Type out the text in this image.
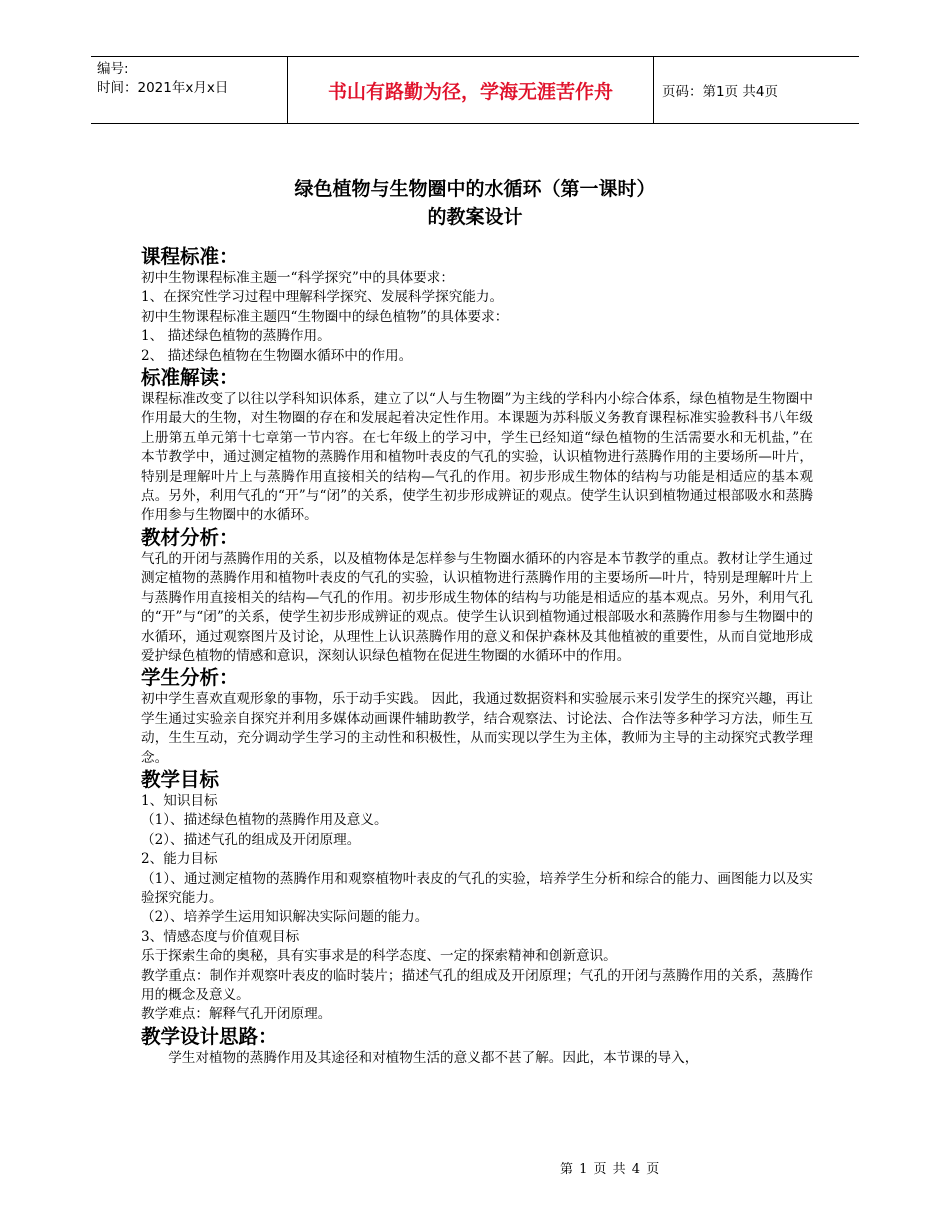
编号:
时间：2021年x月x日	书山有路勤为径，学海无涯苦作舟	页码：第1页 共4页
绿色植物与生物圈中的水循环（第一课时）
的教案设计
课程标准：
初中生物课程标准主题一“科学探究”中的具体要求：
1、在探究性学习过程中理解科学探究、发展科学探究能力。
初中生物课程标准主题四“生物圈中的绿色植物”的具体要求：
1、 描述绿色植物的蒸腾作用。
2、 描述绿色植物在生物圈水循环中的作用。
标准解读：
课程标准改变了以往以学科知识体系，建立了以“人与生物圈”为主线的学科内小综合体系，绿色植物是生物圈中作用最大的生物，对生物圈的存在和发展起着决定性作用。本课题为苏科版义务教育课程标准实验教科书八年级上册第五单元第十七章第一节内容。在七年级上的学习中，学生已经知道“绿色植物的生活需要水和无机盐，”在本节教学中，通过测定植物的蒸腾作用和植物叶表皮的气孔的实验，认识植物进行蒸腾作用的主要场所—叶片，特别是理解叶片上与蒸腾作用直接相关的结构—气孔的作用。初步形成生物体的结构与功能是相适应的基本观点。另外，利用气孔的“开”与“闭”的关系，使学生初步形成辨证的观点。使学生认识到植物通过根部吸水和蒸腾作用参与生物圈中的水循环。
教材分析：
气孔的开闭与蒸腾作用的关系，以及植物体是怎样参与生物圈水循环的内容是本节教学的重点。教材让学生通过测定植物的蒸腾作用和植物叶表皮的气孔的实验，认识植物进行蒸腾作用的主要场所—叶片，特别是理解叶片上与蒸腾作用直接相关的结构—气孔的作用。初步形成生物体的结构与功能是相适应的基本观点。另外，利用气孔的“开”与“闭”的关系，使学生初步形成辨证的观点。使学生认识到植物通过根部吸水和蒸腾作用参与生物圈中的水循环，通过观察图片及讨论，从理性上认识蒸腾作用的意义和保护森林及其他植被的重要性，从而自觉地形成爱护绿色植物的情感和意识，深刻认识绿色植物在促进生物圈的水循环中的作用。
学生分析：
初中学生喜欢直观形象的事物，乐于动手实践。 因此，我通过数据资料和实验展示来引发学生的探究兴趣，再让学生通过实验亲自探究并利用多媒体动画课件辅助教学，结合观察法、讨论法、合作法等多种学习方法，师生互动，生生互动，充分调动学生学习的主动性和积极性，从而实现以学生为主体，教师为主导的主动探究式教学理念。
教学目标
1、知识目标
（1）、描述绿色植物的蒸腾作用及意义。
（2）、描述气孔的组成及开闭原理。
2、能力目标
（1）、通过测定植物的蒸腾作用和观察植物叶表皮的气孔的实验，培养学生分析和综合的能力、画图能力以及实验探究能力。
（2）、培养学生运用知识解决实际问题的能力。
3、情感态度与价值观目标
乐于探索生命的奥秘，具有实事求是的科学态度、一定的探索精神和创新意识。
教学重点：制作并观察叶表皮的临时装片；描述气孔的组成及开闭原理；气孔的开闭与蒸腾作用的关系，蒸腾作用的概念及意义。
教学难点：解释气孔开闭原理。
教学设计思路：
学生对植物的蒸腾作用及其途径和对植物生活的意义都不甚了解。因此，本节课的导入，
第 1 页 共 4 页
